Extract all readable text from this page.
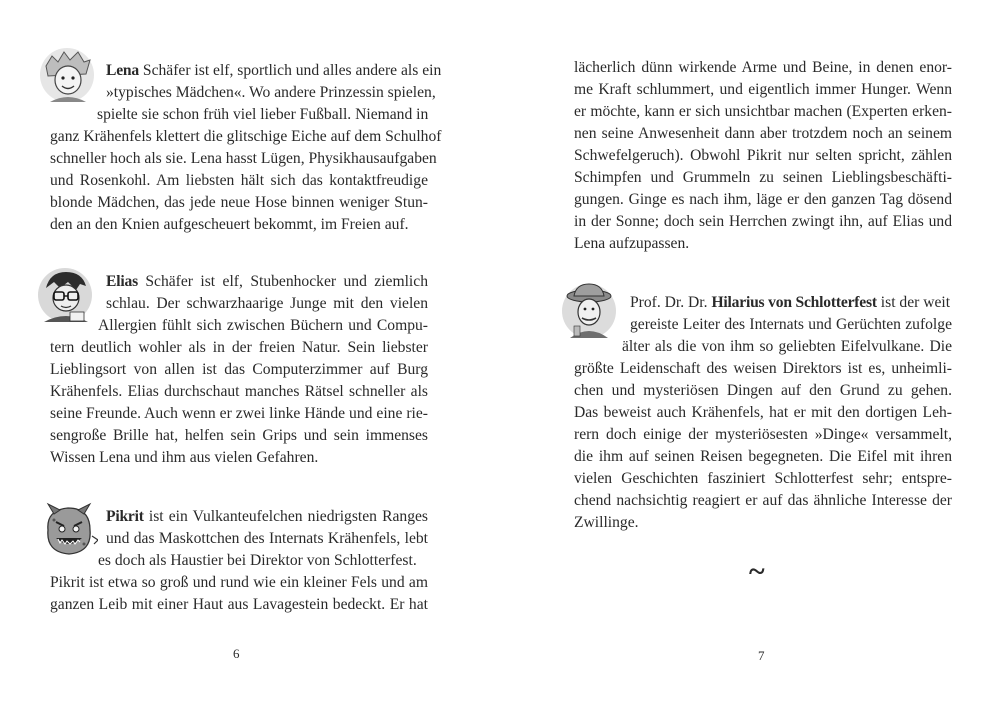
Lena Schäfer ist elf, sportlich und alles andere als ein
»typisches Mädchen«. Wo andere Prinzessin spielen,
spielte sie schon früh viel lieber Fußball. Niemand in
ganz Krähenfels klettert die glitschige Eiche auf dem Schulhof
schneller hoch als sie. Lena hasst Lügen, Physikhausaufgaben
und Rosenkohl. Am liebsten hält sich das kontaktfreudige
blonde Mädchen, das jede neue Hose binnen weniger Stun-
den an den Knien aufgescheuert bekommt, im Freien auf.
Elias Schäfer ist elf, Stubenhocker und ziemlich
schlau. Der schwarzhaarige Junge mit den vielen
Allergien fühlt sich zwischen Büchern und Compu-
tern deutlich wohler als in der freien Natur. Sein liebster
Lieblingsort von allen ist das Computerzimmer auf Burg
Krähenfels. Elias durchschaut manches Rätsel schneller als
seine Freunde. Auch wenn er zwei linke Hände und eine rie-
sengroße Brille hat, helfen sein Grips und sein immenses
Wissen Lena und ihm aus vielen Gefahren.
Pikrit ist ein Vulkanteufelchen niedrigsten Ranges
und das Maskottchen des Internats Krähenfels, lebt
es doch als Haustier bei Direktor von Schlotterfest.
Pikrit ist etwa so groß und rund wie ein kleiner Fels und am
ganzen Leib mit einer Haut aus Lavagestein bedeckt. Er hat
6
lächerlich dünn wirkende Arme und Beine, in denen enor-
me Kraft schlummert, und eigentlich immer Hunger. Wenn
er möchte, kann er sich unsichtbar machen (Experten erken-
nen seine Anwesenheit dann aber trotzdem noch an seinem
Schwefelgeruch). Obwohl Pikrit nur selten spricht, zählen
Schimpfen und Grummeln zu seinen Lieblingsbeschäfti-
gungen. Ginge es nach ihm, läge er den ganzen Tag dösend
in der Sonne; doch sein Herrchen zwingt ihn, auf Elias und
Lena aufzupassen.
Prof. Dr. Dr. Hilarius von Schlotterfest ist der weit
gereiste Leiter des Internats und Gerüchten zufolge
älter als die von ihm so geliebten Eifelvulkane. Die
größte Leidenschaft des weisen Direktors ist es, unheimli-
chen und mysteriösen Dingen auf den Grund zu gehen.
Das beweist auch Krähenfels, hat er mit den dortigen Leh-
rern doch einige der mysteriösesten »Dinge« versammelt,
die ihm auf seinen Reisen begegneten. Die Eifel mit ihren
vielen Geschichten fasziniert Schlotterfest sehr; entspre-
chend nachsichtig reagiert er auf das ähnliche Interesse der
Zwillinge.
~
7
